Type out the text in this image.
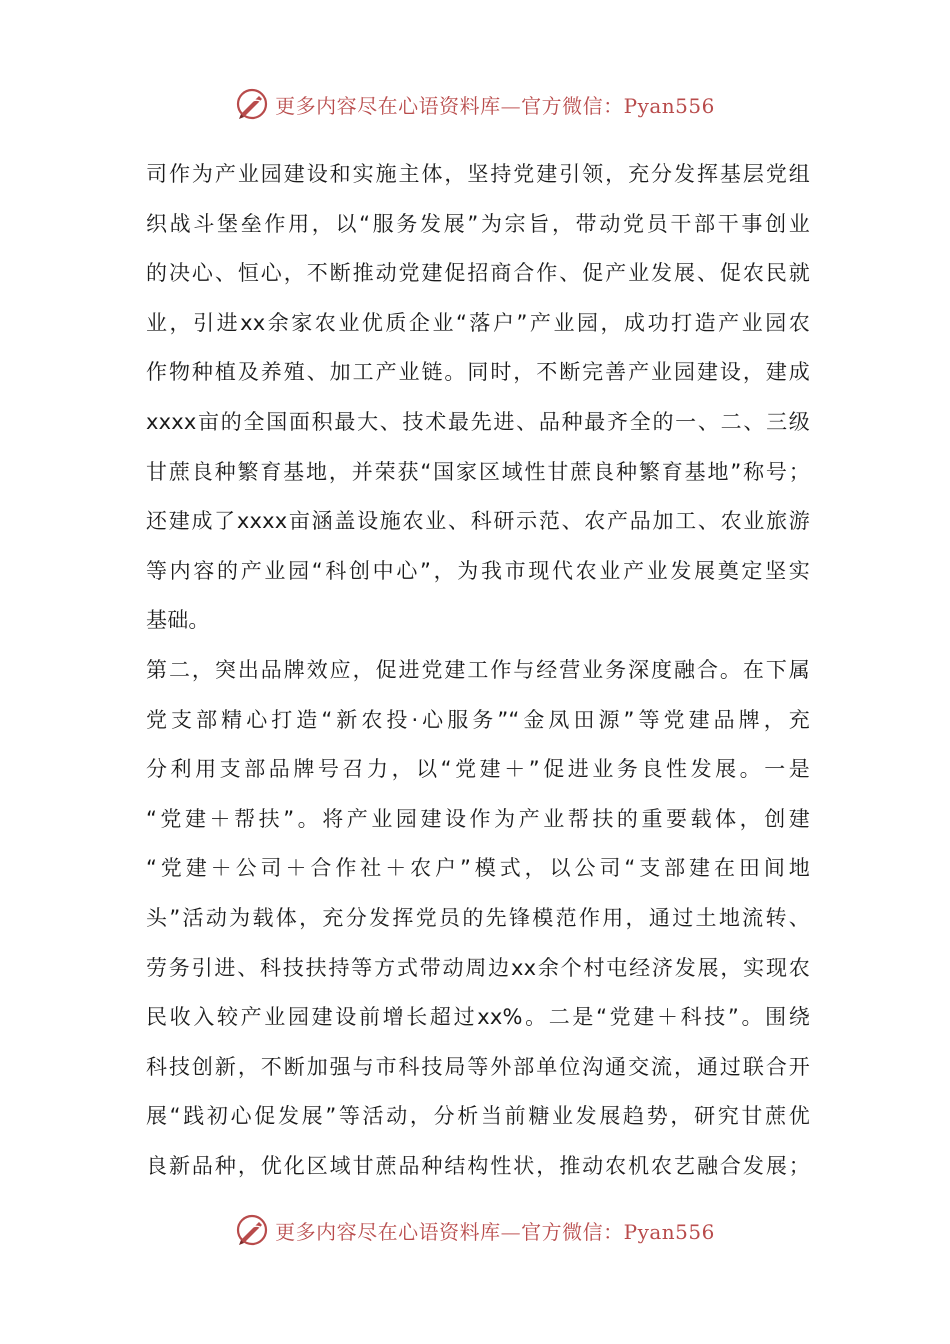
更多内容尽在心语资料库—官方微信：Pyan556
司作为产业园建设和实施主体，坚持党建引领，充分发挥基层党组
织战斗堡垒作用，以“服务发展”为宗旨，带动党员干部干事创业
的决心、恒心，不断推动党建促招商合作、促产业发展、促农民就
业，引进xx余家农业优质企业“落户”产业园，成功打造产业园农
作物种植及养殖、加工产业链。同时，不断完善产业园建设，建成
xxxx亩的全国面积最大、技术最先进、品种最齐全的一、二、三级
甘蔗良种繁育基地，并荣获“国家区域性甘蔗良种繁育基地”称号；
还建成了xxxx亩涵盖设施农业、科研示范、农产品加工、农业旅游
等内容的产业园“科创中心”，为我市现代农业产业发展奠定坚实
基础。
第二，突出品牌效应，促进党建工作与经营业务深度融合。在下属
党支部精心打造“新农投·心服务”“金凤田源”等党建品牌，充
分利用支部品牌号召力，以“党建＋”促进业务良性发展。一是
“党建＋帮扶”。将产业园建设作为产业帮扶的重要载体，创建
“党建＋公司＋合作社＋农户”模式，以公司“支部建在田间地
头”活动为载体，充分发挥党员的先锋模范作用，通过土地流转、
劳务引进、科技扶持等方式带动周边xx余个村屯经济发展，实现农
民收入较产业园建设前增长超过xx%。二是“党建＋科技”。围绕
科技创新，不断加强与市科技局等外部单位沟通交流，通过联合开
展“践初心促发展”等活动，分析当前糖业发展趋势，研究甘蔗优
良新品种，优化区域甘蔗品种结构性状，推动农机农艺融合发展；
更多内容尽在心语资料库—官方微信：Pyan556
